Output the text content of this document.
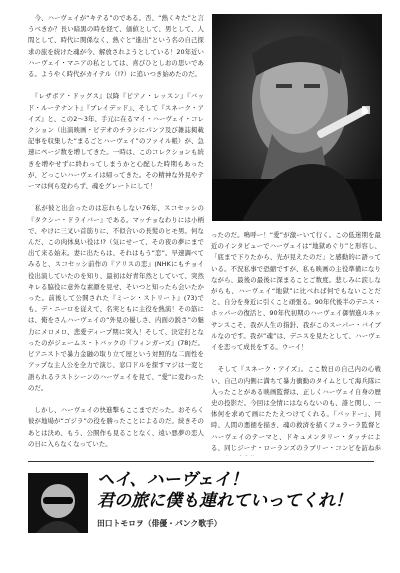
　今、ハーヴェイが“キテる”のである。否、“熱くキた”と言うべきか？長い暗黒の時を経て、価値として、男として、人間として、時代に関係なく、熱ぐと“進出”という名の自己探求の旅を続けた魂が今、解放されようとしている！20年近いハーヴェイ・マニアの私としては、喜びひとしおの思いである。ようやく時代がカイテル（!?）に追いつき始めたのだ。

　『レザボア・ドッグス』以降『ピアノ・レッスン』『バッド・ルーテナント』『ブレイデッド』、そして『スネーク・アイズ』と、この2〜3年、手元に在るマイ・ハーヴェイ・コレクション（出演映画・ビデオのチラシにパンフ及び雑誌掲載記事を収集した“まるごとハーヴェイ”のファイル帳）が、急速にページ数を増してきた。一時は、このコレクションも続きを増やせずに終わってしまうかと心配した時期もあったが、どっこいハーヴェイは帰ってきた。その精神な外見やテーマは何ら変わらず、魂をグレートにして！

　私が彼と出会ったのは忘れもしない76年、スコセッシの『タクシー・ドライバー』である。マッチョなわりには小柄で、やけに三叉い首筋りに、不似合いの長髪のヒモ男。何なんだ、この肉体臭い役は!?（気にせーて、その夜の夢にまで出て来る始末。妻に出たらは、それはもう“恋”。早速調べてみると、スコセッシ前作の『アリスの恋』(NHKにもチョイ役出演していたのを知り、最初は好青年然としていて、突然キレる脇役に意外な素顔を見せ、そいつと知ったら会いたかった。前後して公開された『ミーン・ストリート』(73)でも、デ・ニーロを従えて、名実ともに主役を熱演！その筋には、俺をさんハーヴェイの“外見の優しさ、内面の鋭さ”の魅力にメロメロ、悲愛ディープ期に突入！そして、決定打となったのがジェームス・トバックの『フィンガーズ』(78)だ。ピアニストで暴力金融の取り立て屋という対照的な二面性をアップな主人公を全力で演じ、窓口ドルを探すマジは一変と語られるラストシーンのハーヴェイを見て、“愛”に変わったのだ。

　しかし、ハーヴェイの快進撃もここまでだった。おそらく彼が地場が“ゴジラ”の役を勝ったことによるのだ。続きそのあとは決め、もう、公開作も見ることなく、遠い悪夢の恋人の日に入らなくなっていた。

ったのだ。鳴呼ー！“愛”が激ーいて行く。この低迷期を最近のインタビューでハーヴェイは“地獄めぐり”と形容し、「底まで下りたから、光が見えたのだ」と感動的に語っている。不況私事で恐縮ですが、私も映画の主役準備になりながら、最後の最後に深まることご数度。悲しみに涙しながらも、ハーヴェイ“地獄”に比べれば何でもないことだと、自分を身近に引くこと頑張る。90年代後半のデニス・ホッパーの復活と、90年代初期のハーヴェイ御情進ルネッサンスこそ、我が人生の指針、我がこのスーパー・バイブルなのです。我が“魂”は、デニスを見たとして、ハーヴェイを恋って成長をする。ウーイ！

　そして『スネーク・アイズ』。ここ数日の自己内の心戦い、自己の内側に満ちて暴力衝動のタイムとして海兵隊に入ったことがある映画監督は、正しくハーヴェイ自身の歴史の投影だ。今回は全情にはならないのも、誰と関し、一体何を求めて画にたたえつけてくれる。『バッドー』、同時、人間の悪徳を描き、魂の救済を描くフェラーラ監督とハーヴェイのテーマと、ドキュメンタリー・タッチによる、同じジーナ・ローランズのラブリー・コンビを訪ね歩

ヘイ、ハーヴェイ！
君の旅に僕も連れていってくれ！
田口トモロヲ（俳優・パンク歌手）
